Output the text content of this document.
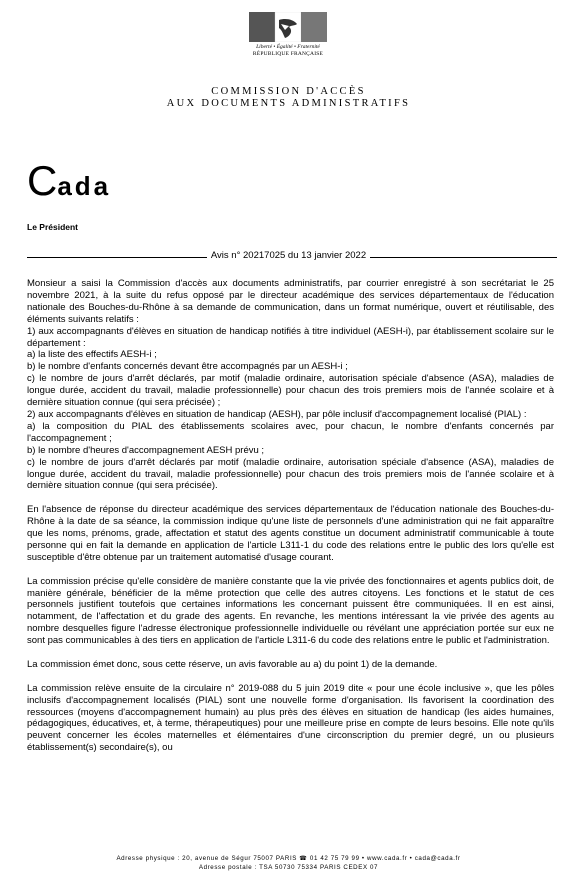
Liberté • Égalité • Fraternité
RÉPUBLIQUE FRANÇAISE
COMMISSION D'ACCÈS
AUX DOCUMENTS ADMINISTRATIFS
Cada
Le Président
Avis n° 20217025 du 13 janvier 2022

Monsieur a saisi la Commission d'accès aux documents administratifs, par courrier enregistré à son secrétariat le 25 novembre 2021, à la suite du refus opposé par le directeur académique des services départementaux de l'éducation nationale des Bouches-du-Rhône à sa demande de communication, dans un format numérique, ouvert et réutilisable, des éléments suivants relatifs :

1) aux accompagnants d'élèves en situation de handicap notifiés à titre individuel (AESH-i), par établissement scolaire sur le département :

a) la liste des effectifs AESH-i ;

b) le nombre d'enfants concernés devant être accompagnés par un AESH-i ;

c) le nombre de jours d'arrêt déclarés, par motif (maladie ordinaire, autorisation spéciale d'absence (ASA), maladies de longue durée, accident du travail, maladie professionnelle) pour chacun des trois premiers mois de l'année scolaire et à dernière situation connue (qui sera précisée) ;

2) aux accompagnants d'élèves en situation de handicap (AESH), par pôle inclusif d'accompagnement localisé (PIAL) :

a) la composition du PIAL des établissements scolaires avec, pour chacun, le nombre d'enfants concernés par l'accompagnement ;

b) le nombre d'heures d'accompagnement AESH prévu ;

c) le nombre de jours d'arrêt déclarés par motif (maladie ordinaire, autorisation spéciale d'absence (ASA), maladies de longue durée, accident du travail, maladie professionnelle) pour chacun des trois premiers mois de l'année scolaire et à dernière situation connue (qui sera précisée).

En l'absence de réponse du directeur académique des services départementaux de l'éducation nationale des Bouches-du-Rhône à la date de sa séance, la commission indique qu'une liste de personnels d'une administration qui ne fait apparaître que les noms, prénoms, grade, affectation et statut des agents constitue un document administratif communicable à toute personne qui en fait la demande en application de l'article L311-1 du code des relations entre le public des lors qu'elle est susceptible d'être obtenue par un traitement automatisé d'usage courant.

La commission précise qu'elle considère de manière constante que la vie privée des fonctionnaires et agents publics doit, de manière générale, bénéficier de la même protection que celle des autres citoyens. Les fonctions et le statut de ces personnels justifient toutefois que certaines informations les concernant puissent être communiquées. Il en est ainsi, notamment, de l'affectation et du grade des agents. En revanche, les mentions intéressant la vie privée des agents au nombre desquelles figure l'adresse électronique professionnelle individuelle ou révélant une appréciation portée sur eux ne sont pas communicables à des tiers en application de l'article L311-6 du code des relations entre le public et l'administration.

La commission émet donc, sous cette réserve, un avis favorable au a) du point 1) de la demande.

La commission relève ensuite de la circulaire n° 2019-088 du 5 juin 2019 dite « pour une école inclusive », que les pôles inclusifs d'accompagnement localisés (PIAL) sont une nouvelle forme d'organisation. Ils favorisent la coordination des ressources (moyens d'accompagnement humain) au plus près des élèves en situation de handicap (les aides humaines, pédagogiques, éducatives, et, à terme, thérapeutiques) pour une meilleure prise en compte de leurs besoins. Elle note qu'ils peuvent concerner les écoles maternelles et élémentaires d'une circonscription du premier degré, un ou plusieurs établissement(s) secondaire(s), ou

Adresse physique : 20, avenue de Ségur 75007 PARIS ☎ 01 42 75 79 99 • www.cada.fr • cada@cada.fr
Adresse postale : TSA 50730 75334 PARIS CEDEX 07
